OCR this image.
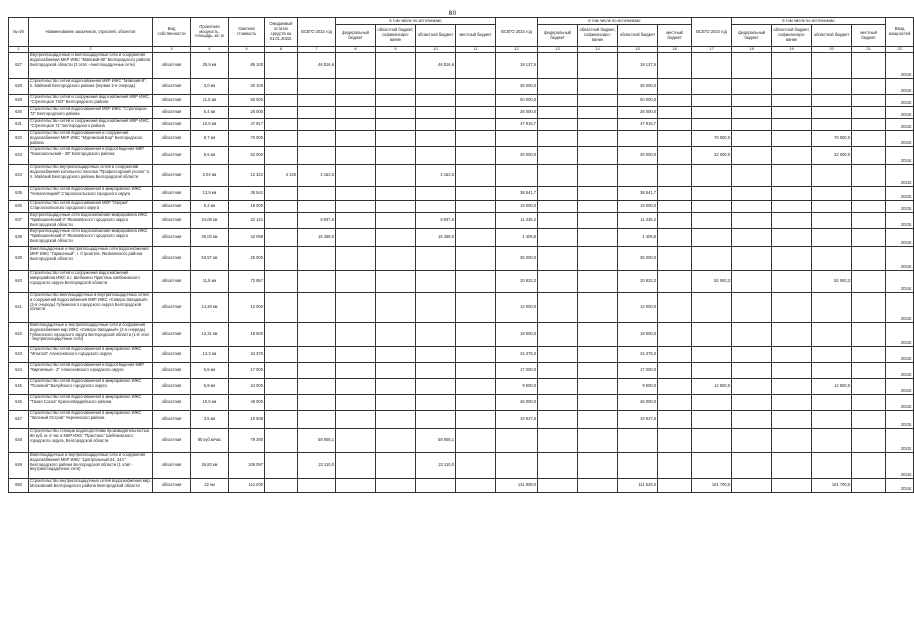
80
№ п/п	Наименование заказчиков, отраслей, объектов	Вид собственности	Проектная мощность, площадь, кв. м	Сметная стоимость	Ожидаемый остаток средств на 01.01.2022г.	ВСЕГО 2022 год	в том числе по источникам:				ВСЕГО 2023 год	в том числе по источникам:				ВСЕГО 2024 год	в том числе по источникам:				Ввод мощностей
							федеральный бюджет	областной бюджет, софинансиро-вание	областной бюджет	местный бюджет		федеральный бюджет	областной бюджет, софинансиро-вание	областной бюджет	местный бюджет		федеральный бюджет	областной бюджет, софинансиро-вание	областной бюджет	местный бюджет	
1	2	3	4	5	6	7	8	9	10	11	12	13	14	15	16	17	18	19	20	21	22
627	Внутриплощадочные и внеплощадочные сети и сооружения водоснабжения МКР ИЖС "Майский-80" Белгородского района Белгородской области (3 этап - внеплощадочные сети)	областная	25,9 км	85 100		46 816,6			46 816,6		18 127,6			18 127,6							2023г.
628	Строительство сетей водоснабжения МКР ИЖС "Майский-8", п. Майский Белгородского района (первая 2-я очередь)	областная	3,0 км	30 100							30 000,0			30 000,0							2023г.
629	Строительство сетей и сооружений водоснабжения МКР ИЖС "Стрелецкое 73/3" Белгородского района	областная	11,5 км	50 000							50 000,0			50 000,0							2023г.
630	Строительство сетей водоснабжения МКР ИЖС "Стрелецкое 72" Белгородского района	областная	5,4 км	25 000							25 000,0			25 000,0							2023г.
631	Строительство сетей и сооружений водоснабжения МКР ИЖС "Стрелецкое 71" Белгородского района	областная	10,6 км	47 917							47 916,7			47 916,7							2023г.
632	Строительство сетей водоснабжения и сооружений водоснабжения МКР ИЖС "Муромский Бор" Белгородского района	областная	8,7 км	70 000												70 000,0			70 000,0		2024г.
633	Строительство сетей водоснабжения и водоотведения МКР "Комсомольский - 39" Белгородского района	областная	9,5 км	62 000							40 000,0			40 000,0		22 000,0			22 000,0		2024г.
634	Строительство внутриплощадочных сетей и сооружений водоснабжения котельного поселка "Профессорский уголок" в п. Майский Белгородского района Белгородской области	областная	2,04 км	12 322	4 163	4 163,5			4 163,5												2022г.
635	Строительство сетей водоснабжения в микрорайоне ИЖС "Новоселецкий" Старооскольского городского округа	областная	13,9 км	38 542							38 541,7			38 541,7							2023г.
636	Строительство сетей водоснабжения МКР "Озерки" Старооскольского городского округа	областная	5,2 км	19 000							19 000,0			19 000,0							2023г.
637	Внутриплощадочные сети водоснабжения микрорайона ИЖС "Кривошеевский-3" Яковлевского городского округа Белгородской области	областная	24,08 км	22 121		9 937,6			9 937,6		11 335,2			11 335,2							2023г.
638	Внутриплощадочные сети водоснабжения микрорайона ИЖС "Кривошеевский-3" Яковлевского городского округа Белгородской области	областная	30,03 км	42 098		16 258,0			16 258,0		1 405,8			1 405,8							2023г.
639	Внеплощадочные и внутриплощадочные сети водоснабжения МКР ИЖС "Гармонный", г. Строитель Яковлевского района Белгородской области	областная	53,57 км	25 000							25 000,0			25 000,0							2023г.
640	Строительство сетей и сооружений водоснабжения микрорайона ИЖС в г. Шебекино Пристань Шебекинского городского округа Белгородской области	областная	11,8 км	72 957							20 833,3			20 833,3		52 083,3			52 083,3		2024г.
641	Строительство внеплощадочных и внутриплощадочных сетей и сооружений водоснабжения МКР ИЖС «Северо-Западный» (2-я очередь) Губкинского городского округа Белгородской области	областная	14,28 км	12 000							12 000,0			12 000,0							2023г.
642	Внеплощадочные и внутриплощадочные сети и сооружения водоснабжения мкр ИЖС «Северо-Западный» (2-я очередь) Губкинского городского округа Белгородской области (1-й этап - внутриплощадочные сети)	областная	13,31 км	18 500							18 500,0			18 500,0							2023г.
643	Строительство сетей водоснабжения в микрорайоне ИЖС "Игнатов" Алексеевского городского округа	областная	13,3 км	34 375							34 375,0			34 375,0							2023г.
644	Строительство сетей водоснабжения и водоотведения МКР "Кирпичный - 2" Алексеевского городского округа	областная	6,5 км	17 000							17 000,0			17 000,0							2023г.
645	Строительство сетей водоснабжения в микрорайоне ИЖС "Полевой" Валуйского городского округа	областная	6,9 км	24 000							9 500,0			9 500,0		14 500,0			14 500,0		2024г.
646	Строительство сетей водоснабжения в микрорайоне ИЖС "Тихая Сосна" Красногвардейского района	областная	10,6 км	46 000							46 000,0			46 000,0							2023г.
647	Строительство сетей водоснабжения в микрорайоне ИЖС "Зеленый Остров" Чернянского района	областная	3,6 км	10 938							10 937,5			10 937,5							2023г.
648	Строительство станции водоподготовки производительностью 80 куб. м. в час в МКР ИЖС "Пристань" Шебекинского городского округа, Белгородской области	областная	80 куб.м/час	79 390		59 908,1			59 908,1												2022г.
649	Внеплощадочные и внутриплощадочные сети и сооружения водоснабжения МКР ИЖС "Центральный-24, 24А" Белгородского района Белгородской области (1 этап - внутриплощадочные сети)	областная	26,83 км	106 097		22 110,0			22 110,0												2022г.
650	Строительство внутриплощадочных сетей водоснабжения мкр. Московский Белгородского района Белгородской области	областная	22 км	112 000							131 908,0			111 520,0		101 700,0			101 700,0		2024г.
